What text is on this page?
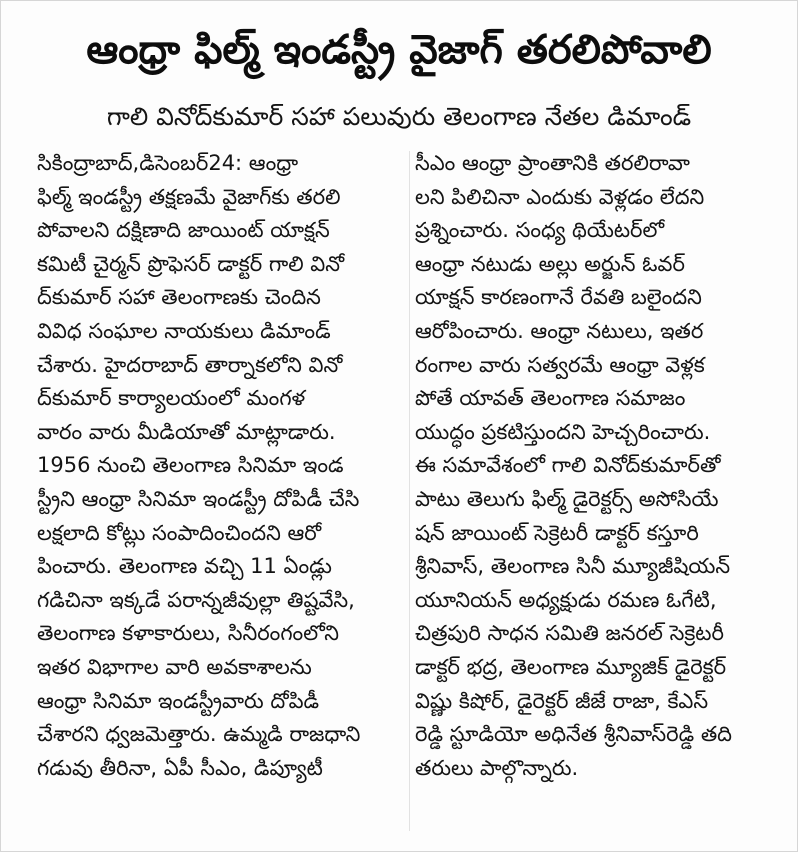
ఆంధ్రా ఫిల్మ్ ఇండస్ట్రీ వైజాగ్ తరలిపోవాలి
గాలి వినోద్‌కుమార్ సహా పలువురు తెలంగాణ నేతల డిమాండ్
సికింద్రాబాద్,డిసెంబర్24: ఆంధ్రా
ఫిల్మ్ ఇండస్ట్రీ తక్షణమే వైజాగ్‌కు తరలి
పోవాలని దక్షిణాది జాయింట్ యాక్షన్
కమిటీ చైర్మన్ ప్రొఫెసర్ డాక్టర్ గాలి వినో
ద్‌కుమార్ సహా తెలంగాణకు చెందిన
వివిధ సంఘాల నాయకులు డిమాండ్
చేశారు. హైదరాబాద్ తార్నాకలోని వినో
ద్‌కుమార్ కార్యాలయంలో మంగళ
వారం వారు మీడియాతో మాట్లాడారు.
1956 నుంచి తెలంగాణ సినిమా ఇండ
స్ట్రీని ఆంధ్రా సినిమా ఇండస్ట్రీ దోపిడీ చేసి
లక్షలాది కోట్లు సంపాదించిందని ఆరో
పించారు. తెలంగాణ వచ్చి 11 ఏండ్లు
గడిచినా ఇక్కడే పరాన్నజీవుల్లా తిష్టవేసి,
తెలంగాణ కళాకారులు, సినీరంగంలోని
ఇతర విభాగాల వారి అవకాశాలను
ఆంధ్రా సినిమా ఇండస్ట్రీవారు దోపిడీ
చేశారని ధ్వజమెత్తారు. ఉమ్మడి రాజధాని
గడువు తీరినా, ఏపీ సీఎం, డిప్యూటీ
సీఎం ఆంధ్రా ప్రాంతానికి తరలిరావా
లని పిలిచినా ఎందుకు వెళ్లడం లేదని
ప్రశ్నించారు. సంధ్య థియేటర్‌లో
ఆంధ్రా నటుడు అల్లు అర్జున్ ఓవర్
యాక్షన్ కారణంగానే రేవతి బలైందని
ఆరోపించారు. ఆంధ్రా నటులు, ఇతర
రంగాల వారు సత్వరమే ఆంధ్రా వెళ్లక
పోతే యావత్ తెలంగాణ సమాజం
యుద్ధం ప్రకటిస్తుందని హెచ్చరించారు.
ఈ సమావేశంలో గాలి వినోద్‌కుమార్‌తో
పాటు తెలుగు ఫిల్మ్ డైరెక్టర్స్ అసోసియే
షన్ జాయింట్ సెక్రెటరీ డాక్టర్ కస్తూరి
శ్రీనివాస్, తెలంగాణ సినీ మ్యూజీషియన్
యూనియన్ అధ్యక్షుడు రమణ ఓగేటి,
చిత్రపురి సాధన సమితి జనరల్ సెక్రెటరీ
డాక్టర్ భద్ర, తెలంగాణ మ్యూజిక్ డైరెక్టర్
విష్ణు కిషోర్, డైరెక్టర్ జీజే రాజా, కేఎస్
రెడ్డి స్టూడియో అధినేత శ్రీనివాస్‌రెడ్డి తది
తరులు పాల్గొన్నారు.
